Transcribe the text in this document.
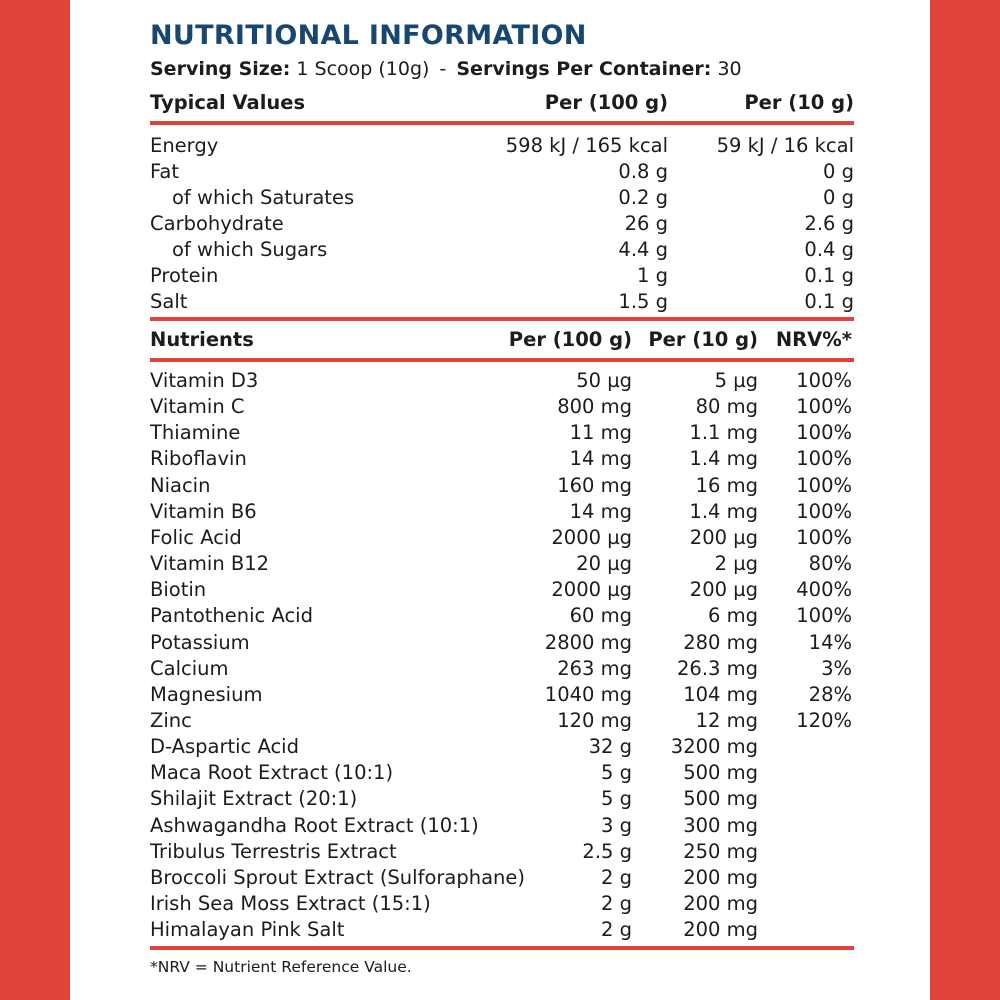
NUTRITIONAL INFORMATION
Serving Size: 1 Scoop (10g) - Servings Per Container: 30
Typical Values	Per (100 g)	Per (10 g)
Energy	598 kJ / 165 kcal 59 kJ / 16 kcal
Fat	0.8 g	0 g
of which Saturates	0.2 g	0 g
Carbohydrate	26 g	2.6 g
of which Sugars	4.4 g	0.4 g
Protein	1 g	0.1 g
Salt	1.5 g	0.1 g
Nutrients	Per (100 g) Per (10 g) NRV%*
Vitamin D3	50 µg	5 µg 100%
Vitamin C	800 mg	80 mg 100%
Thiamine	11 mg	1.1 mg 100%
Riboflavin	14 mg	1.4 mg 100%
Niacin	160 mg	16 mg 100%
Vitamin B6	14 mg	1.4 mg 100%
Folic Acid	2000 µg	200 µg 100%
Vitamin B12	20 µg	2 µg	80%
Biotin	2000 µg	200 µg 400%
Pantothenic Acid	60 mg	6 mg 100%
Potassium	2800 mg	280 mg	14%
Calcium	263 mg 26.3 mg	3%
Magnesium	1040 mg	104 mg	28%
Zinc	120 mg	12 mg 120%
D-Aspartic Acid	32 g 3200 mg
Maca Root Extract (10:1)	5 g	500 mg
Shilajit Extract (20:1)	5 g	500 mg
Ashwagandha Root Extract (10:1)	3 g	300 mg
Tribulus Terrestris Extract	2.5 g	250 mg
Broccoli Sprout Extract (Sulforaphane)	2 g	200 mg
Irish Sea Moss Extract (15:1)	2 g	200 mg
Himalayan Pink Salt	2 g	200 mg
*NRV = Nutrient Reference Value.
